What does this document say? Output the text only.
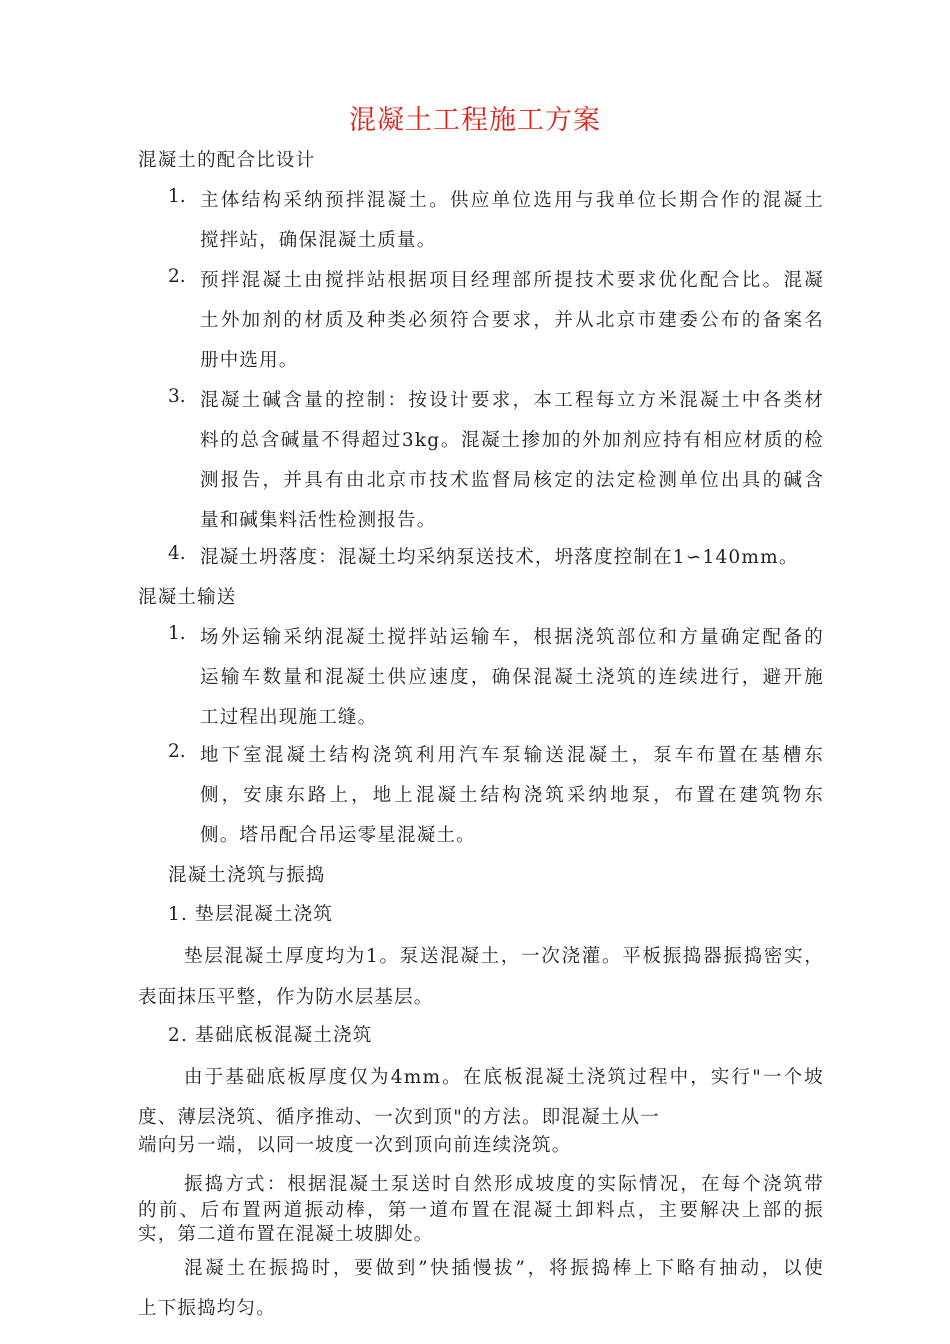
混凝土工程施工方案
混凝土的配合比设计
1. 主体结构采纳预拌混凝土。供应单位选用与我单位长期合作的混凝土
搅拌站，确保混凝土质量。
2. 预拌混凝土由搅拌站根据项目经理部所提技术要求优化配合比。混凝
土外加剂的材质及种类必须符合要求，并从北京市建委公布的备案名
册中选用。
3. 混凝土碱含量的控制：按设计要求，本工程每立方米混凝土中各类材
料的总含碱量不得超过3kg。混凝土掺加的外加剂应持有相应材质的检
测报告，并具有由北京市技术监督局核定的法定检测单位出具的碱含
量和碱集料活性检测报告。
4. 混凝土坍落度：混凝土均采纳泵送技术，坍落度控制在1∽140mm。
混凝土输送
1. 场外运输采纳混凝土搅拌站运输车，根据浇筑部位和方量确定配备的
运输车数量和混凝土供应速度，确保混凝土浇筑的连续进行，避开施
工过程出现施工缝。
2. 地下室混凝土结构浇筑利用汽车泵输送混凝土，泵车布置在基槽东
侧，安康东路上，地上混凝土结构浇筑采纳地泵，布置在建筑物东
侧。塔吊配合吊运零星混凝土。
混凝土浇筑与振捣
1. 垫层混凝土浇筑
垫层混凝土厚度均为1。泵送混凝土，一次浇灌。平板振捣器振捣密实，
表面抹压平整，作为防水层基层。
2. 基础底板混凝土浇筑
由于基础底板厚度仅为4mm。在底板混凝土浇筑过程中，实行"一个坡
度、薄层浇筑、循序推动、一次到顶"的方法。即混凝土从一
端向另一端，以同一坡度一次到顶向前连续浇筑。
振捣方式：根据混凝土泵送时自然形成坡度的实际情况，在每个浇筑带
的前、后布置两道振动棒，第一道布置在混凝土卸料点，主要解决上部的振
实，第二道布置在混凝土坡脚处。
混凝土在振捣时，要做到”快插慢拔”，将振捣棒上下略有抽动，以使
上下振捣均匀。
